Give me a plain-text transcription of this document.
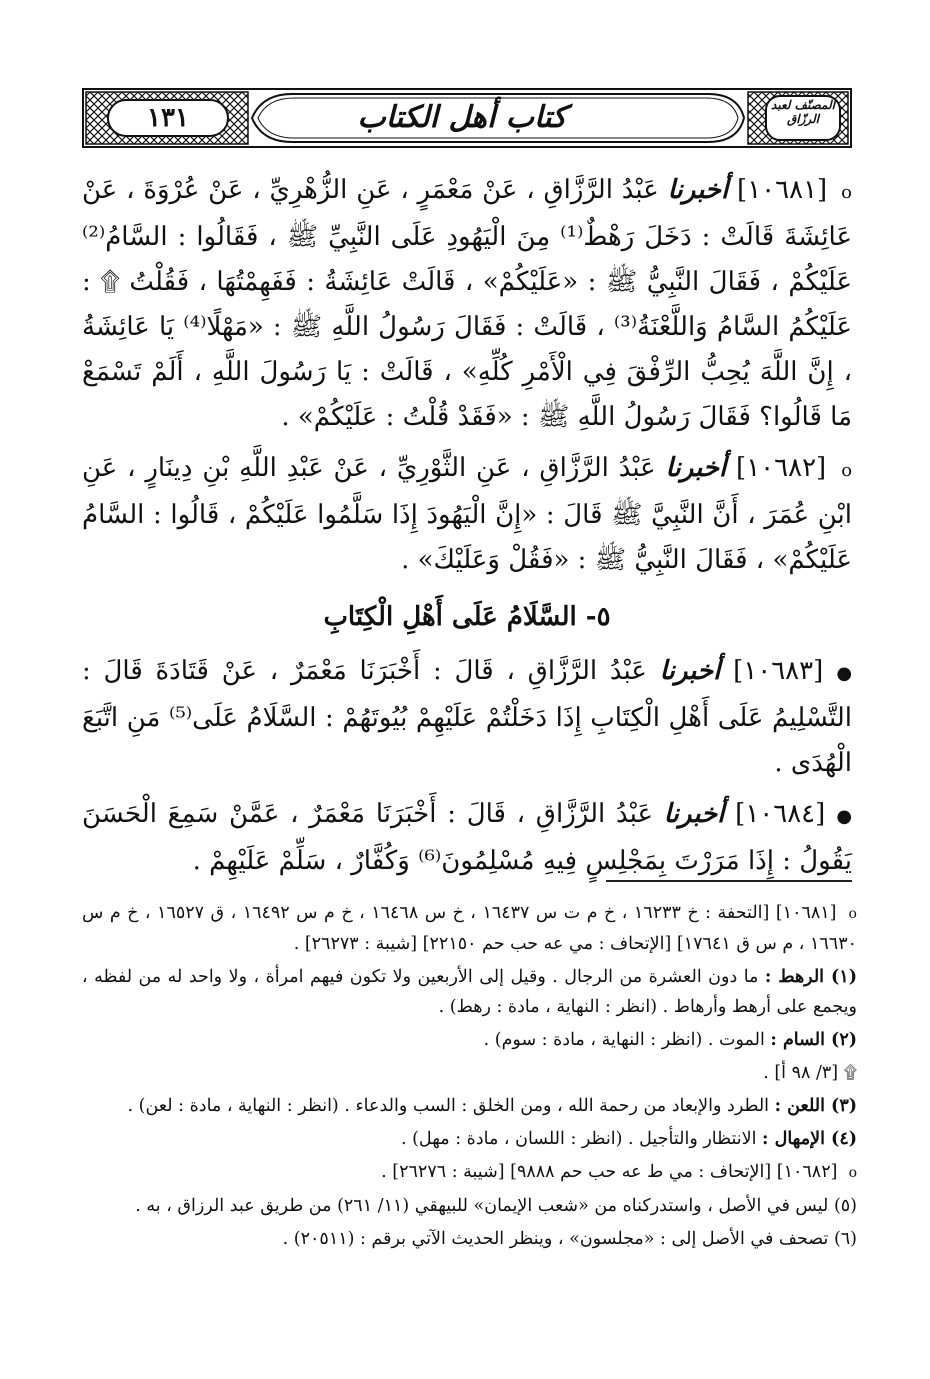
١٣١	كتاب أهل الكتاب	المصنّف لعبد الرزّاق

o [١٠٦٨١] أخبرنا عَبْدُ الرَّزَّاقِ ، عَنْ مَعْمَرٍ ، عَنِ الزُّهْرِيِّ ، عَنْ عُرْوَةَ ، عَنْ عَائِشَةَ قَالَتْ : دَخَلَ رَهْطٌ⁽¹⁾ مِنَ الْيَهُودِ عَلَى النَّبِيِّ ﷺ ، فَقَالُوا : السَّامُ⁽²⁾ عَلَيْكُمْ ، فَقَالَ النَّبِيُّ ﷺ : «عَلَيْكُمْ» ، قَالَتْ عَائِشَةُ : فَفَهِمْتُهَا ، فَقُلْتُ ۩ : عَلَيْكُمُ السَّامُ وَاللَّعْنَةُ⁽³⁾ ، قَالَتْ : فَقَالَ رَسُولُ اللَّهِ ﷺ : «مَهْلًا⁽⁴⁾ يَا عَائِشَةُ ، إِنَّ اللَّهَ يُحِبُّ الرِّفْقَ فِي الْأَمْرِ كُلِّهِ» ، قَالَتْ : يَا رَسُولَ اللَّهِ ، أَلَمْ تَسْمَعْ مَا قَالُوا؟ فَقَالَ رَسُولُ اللَّهِ ﷺ : «فَقَدْ قُلْتُ : عَلَيْكُمْ» .

o [١٠٦٨٢] أخبرنا عَبْدُ الرَّزَّاقِ ، عَنِ الثَّوْرِيِّ ، عَنْ عَبْدِ اللَّهِ بْنِ دِينَارٍ ، عَنِ ابْنِ عُمَرَ ، أَنَّ النَّبِيَّ ﷺ قَالَ : «إِنَّ الْيَهُودَ إِذَا سَلَّمُوا عَلَيْكُمْ ، قَالُوا : السَّامُ عَلَيْكُمْ» ، فَقَالَ النَّبِيُّ ﷺ : «فَقُلْ وَعَلَيْكَ» .

٥- السَّلَامُ عَلَى أَهْلِ الْكِتَابِ

● [١٠٦٨٣] أخبرنا عَبْدُ الرَّزَّاقِ ، قَالَ : أَخْبَرَنَا مَعْمَرٌ ، عَنْ قَتَادَةَ قَالَ : التَّسْلِيمُ عَلَى أَهْلِ الْكِتَابِ إِذَا دَخَلْتُمْ عَلَيْهِمْ بُيُوتَهُمْ : السَّلَامُ عَلَى⁽⁵⁾ مَنِ اتَّبَعَ الْهُدَى .

● [١٠٦٨٤] أخبرنا عَبْدُ الرَّزَّاقِ ، قَالَ : أَخْبَرَنَا مَعْمَرٌ ، عَمَّنْ سَمِعَ الْحَسَنَ يَقُولُ : إِذَا مَرَرْتَ بِمَجْلِسٍ فِيهِ مُسْلِمُونَ⁽⁶⁾ وَكُفَّارٌ ، سَلِّمْ عَلَيْهِمْ .

o [١٠٦٨١] [التحفة : خ ١٦٢٣٣ ، خ م ت س ١٦٤٣٧ ، خ س ١٦٤٦٨ ، خ م س ١٦٤٩٢ ، ق ١٦٥٢٧ ، خ م س ١٦٦٣٠ ، م س ق ١٧٦٤١] [الإتحاف : مي عه حب حم ٢٢١٥٠] [شيبة : ٢٦٢٧٣] .

(١) الرهط : ما دون العشرة من الرجال . وقيل إلى الأربعين ولا تكون فيهم امرأة ، ولا واحد له من لفظه ، ويجمع على أرهط وأرهاط . (انظر : النهاية ، مادة : رهط) .

(٢) السام : الموت . (انظر : النهاية ، مادة : سوم) .

۩ [٣/ ٩٨ أ] .

(٣) اللعن : الطرد والإبعاد من رحمة الله ، ومن الخلق : السب والدعاء . (انظر : النهاية ، مادة : لعن) .

(٤) الإمهال : الانتظار والتأجيل . (انظر : اللسان ، مادة : مهل) .

o [١٠٦٨٢] [الإتحاف : مي ط عه حب حم ٩٨٨٨] [شيبة : ٢٦٢٧٦] .

(٥) ليس في الأصل ، واستدركناه من «شعب الإيمان» للبيهقي (١١/ ٢٦١) من طريق عبد الرزاق ، به .

(٦) تصحف في الأصل إلى : «مجلسون» ، وينظر الحديث الآتي برقم : (٢٠٥١١) .
